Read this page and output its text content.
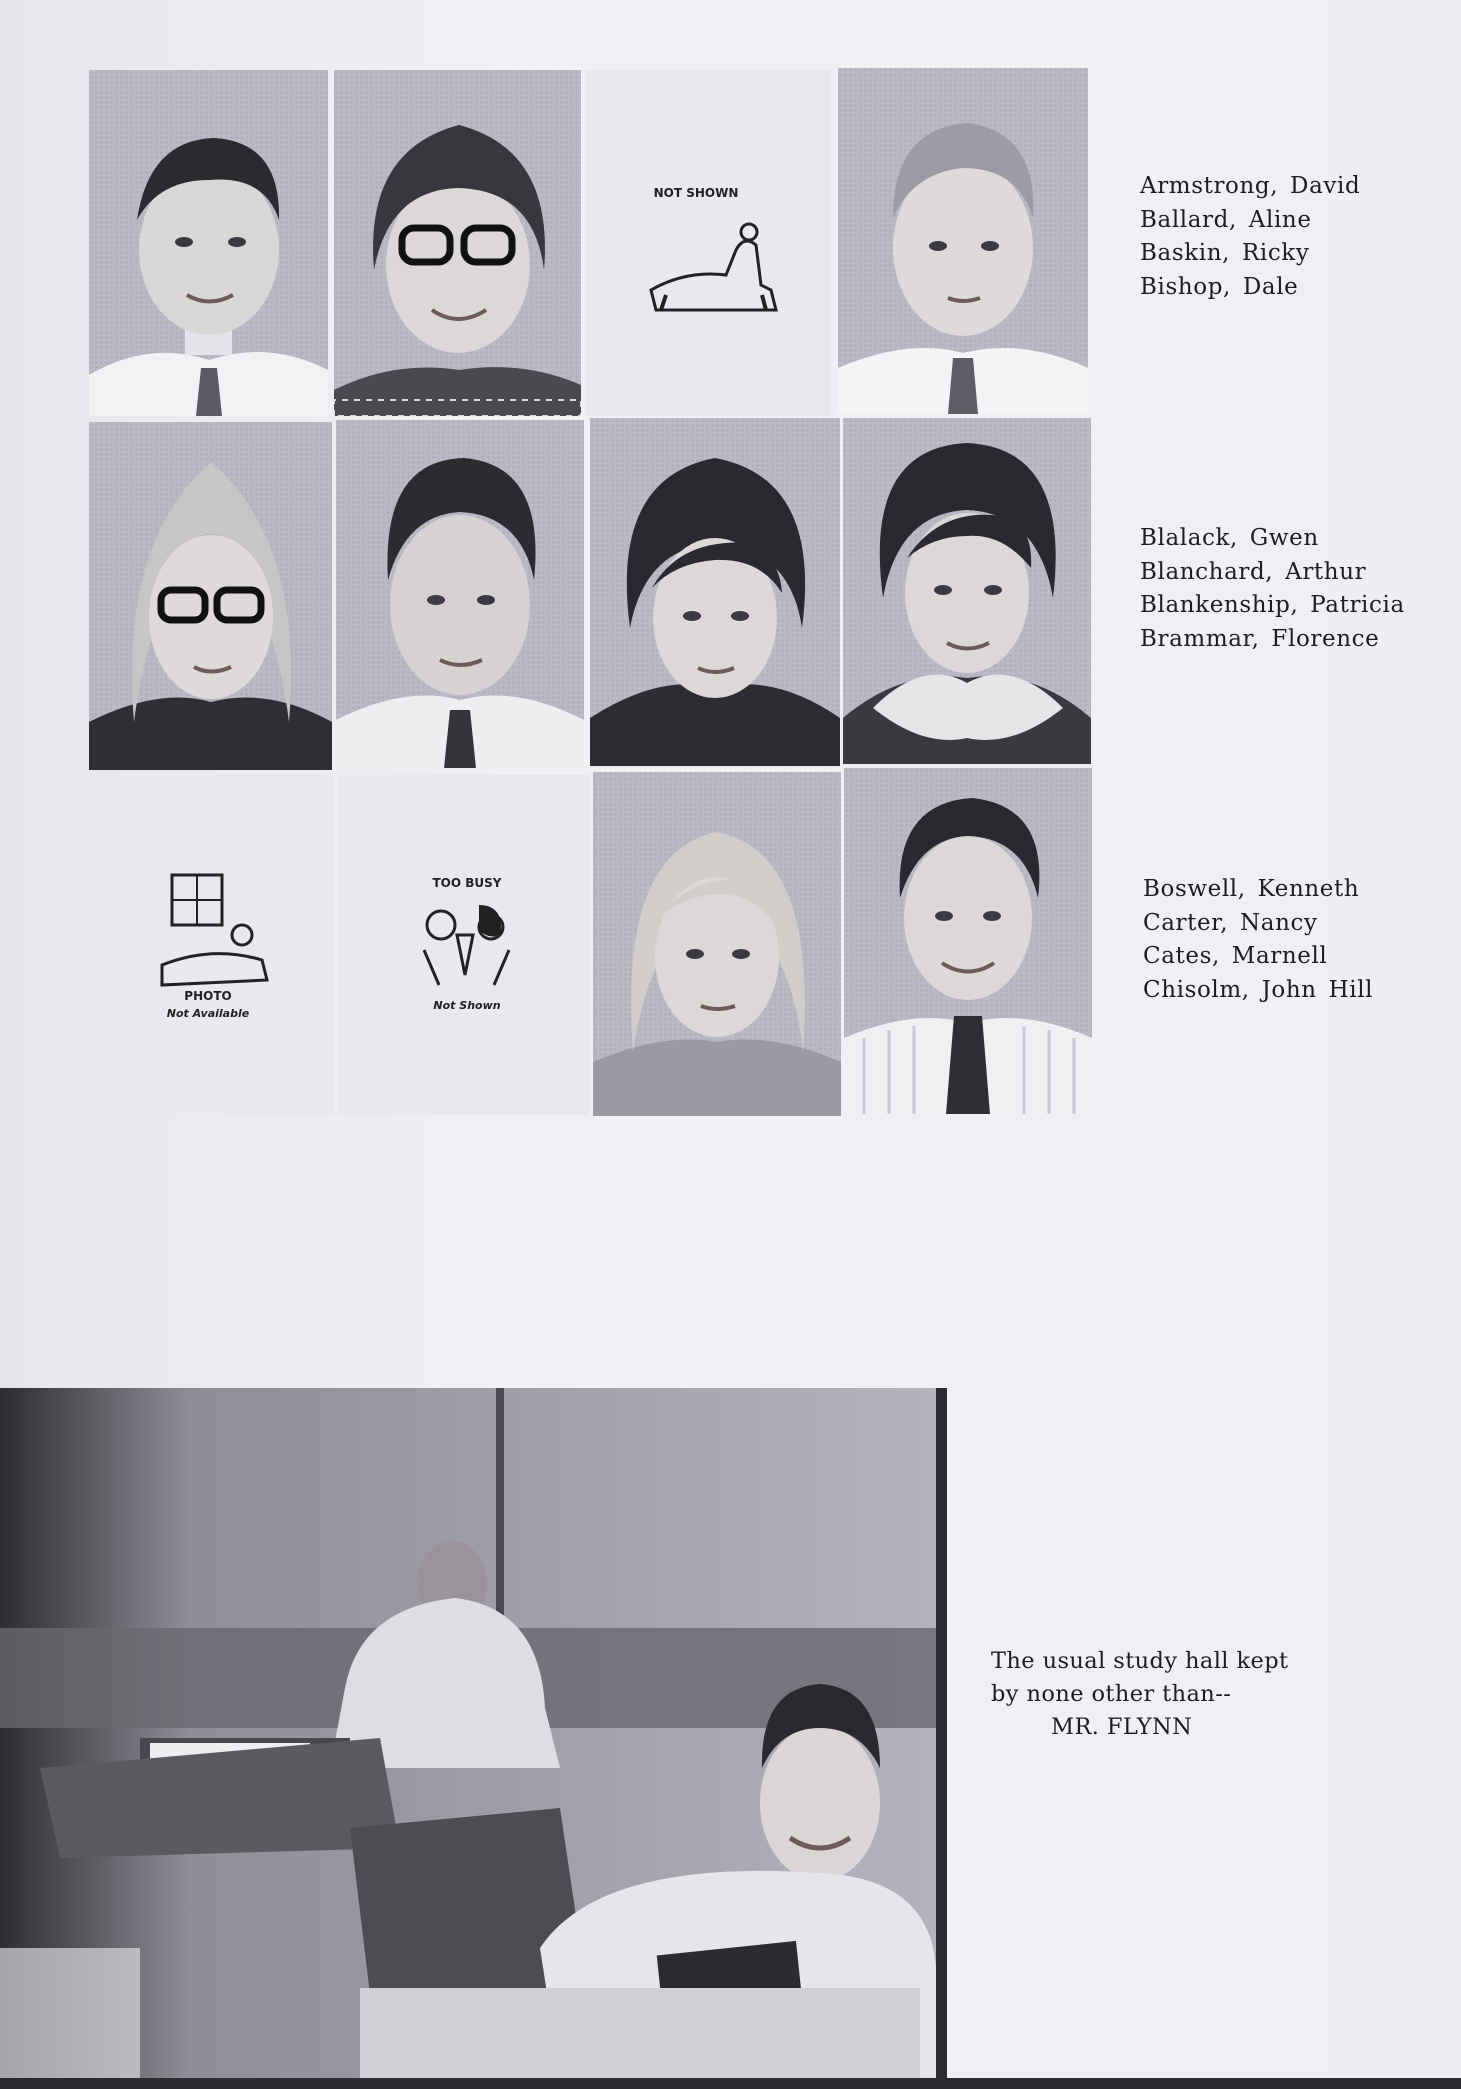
NOT SHOWN	Armstrong, David
Ballard, Aline
Baskin, Ricky
Bishop, Dale
Blalack, Gwen
Blanchard, Arthur
Blankenship, Patricia
Brammar, Florence
PHOTO
Not Available
TOO BUSY
Not Shown
Boswell, Kenneth
Carter, Nancy
Cates, Marnell
Chisolm, John Hill
The usual study hall kept
by none other than--
MR. FLYNN
